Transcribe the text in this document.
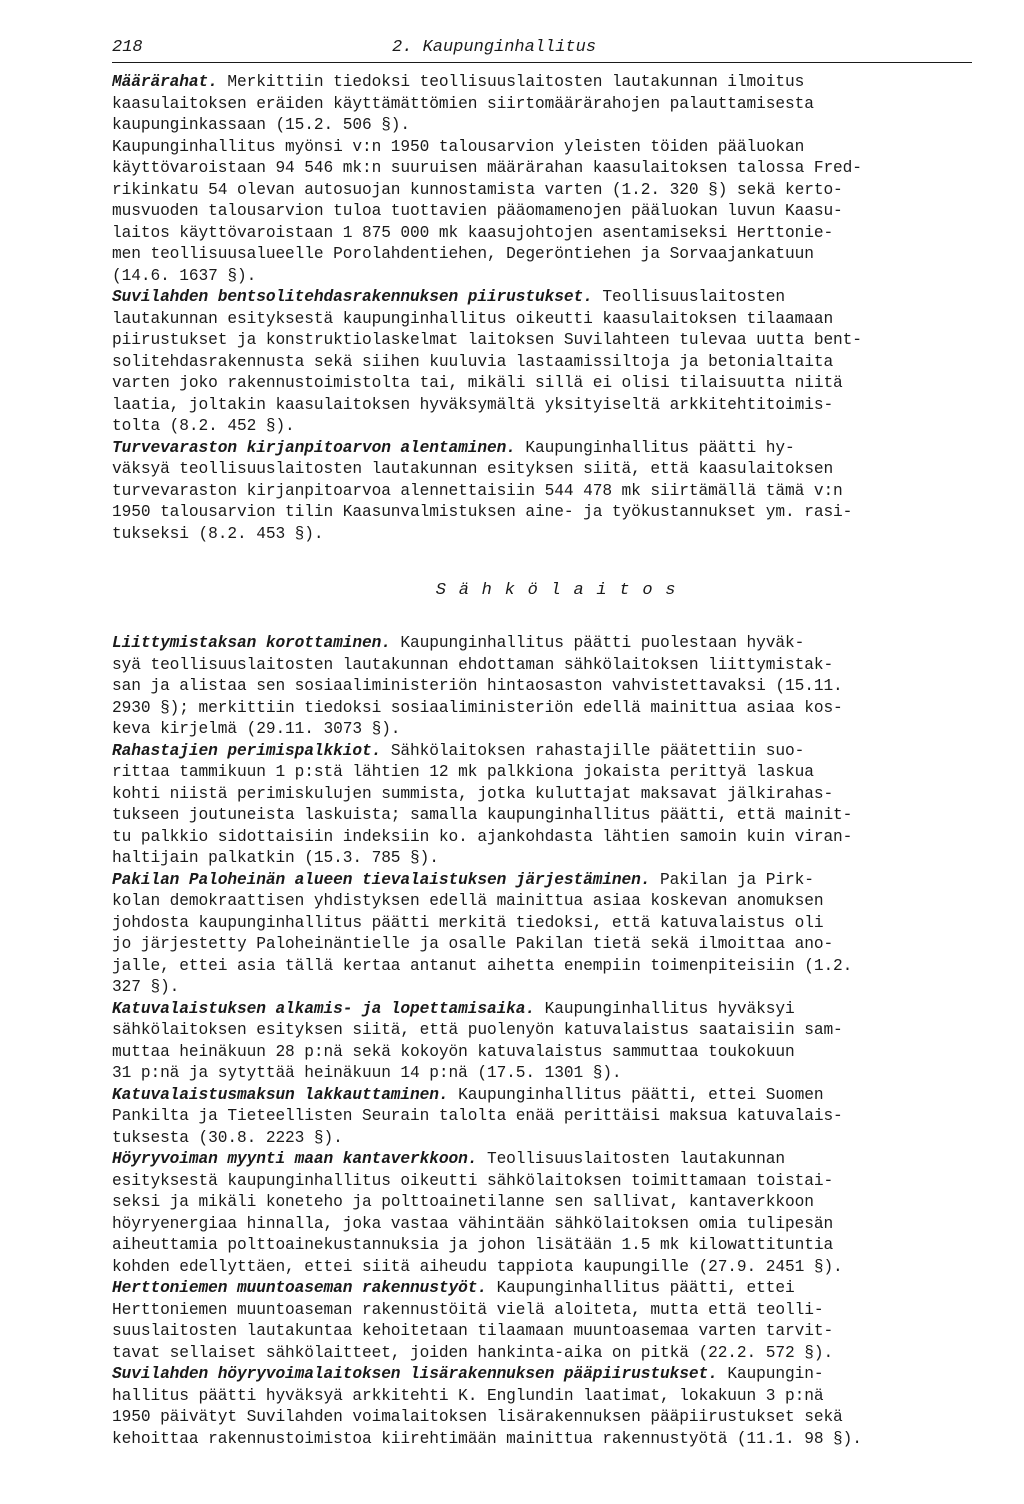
218	2. Kaupunginhallitus

Määrärahat. Merkittiin tiedoksi teollisuuslaitosten lautakunnan ilmoitus
kaasulaitoksen eräiden käyttämättömien siirtomäärärahojen palauttamisesta
kaupunginkassaan (15.2. 506 §).
Kaupunginhallitus myönsi v:n 1950 talousarvion yleisten töiden pääluokan
käyttövaroistaan 94 546 mk:n suuruisen määrärahan kaasulaitoksen talossa Fred-
rikinkatu 54 olevan autosuojan kunnostamista varten (1.2. 320 §) sekä kerto-
musvuoden talousarvion tuloa tuottavien pääomamenojen pääluokan luvun Kaasu-
laitos käyttövaroistaan 1 875 000 mk kaasujohtojen asentamiseksi Herttonie-
men teollisuusalueelle Porolahdentiehen, Degeröntiehen ja Sorvaajankatuun
(14.6. 1637 §).

Suvilahden bentsolitehdasrakennuksen piirustukset. Teollisuuslaitosten
lautakunnan esityksestä kaupunginhallitus oikeutti kaasulaitoksen tilaamaan
piirustukset ja konstruktiolaskelmat laitoksen Suvilahteen tulevaa uutta bent-
solitehdasrakennusta sekä siihen kuuluvia lastaamissiltoja ja betonialtaita
varten joko rakennustoimistolta tai, mikäli sillä ei olisi tilaisuutta niitä
laatia, joltakin kaasulaitoksen hyväksymältä yksityiseltä arkkitehtitoimis-
tolta (8.2. 452 §).

Turvevaraston kirjanpitoarvon alentaminen. Kaupunginhallitus päätti hy-
väksyä teollisuuslaitosten lautakunnan esityksen siitä, että kaasulaitoksen
turvevaraston kirjanpitoarvoa alennettaisiin 544 478 mk siirtämällä tämä v:n
1950 talousarvion tilin Kaasunvalmistuksen aine- ja työkustannukset ym. rasi-
tukseksi (8.2. 453 §).

Sähkölaitos

Liittymistaksan korottaminen. Kaupunginhallitus päätti puolestaan hyväk-
syä teollisuuslaitosten lautakunnan ehdottaman sähkölaitoksen liittymistak-
san ja alistaa sen sosiaaliministeriön hintaosaston vahvistettavaksi (15.11.
2930 §); merkittiin tiedoksi sosiaaliministeriön edellä mainittua asiaa kos-
keva kirjelmä (29.11. 3073 §).

Rahastajien perimispalkkiot. Sähkölaitoksen rahastajille päätettiin suo-
rittaa tammikuun 1 p:stä lähtien 12 mk palkkiona jokaista perittyä laskua
kohti niistä perimiskulujen summista, jotka kuluttajat maksavat jälkirahas-
tukseen joutuneista laskuista; samalla kaupunginhallitus päätti, että mainit-
tu palkkio sidottaisiin indeksiin ko. ajankohdasta lähtien samoin kuin viran-
haltijain palkatkin (15.3. 785 §).

Pakilan Paloheinän alueen tievalaistuksen järjestäminen. Pakilan ja Pirk-
kolan demokraattisen yhdistyksen edellä mainittua asiaa koskevan anomuksen
johdosta kaupunginhallitus päätti merkitä tiedoksi, että katuvalaistus oli
jo järjestetty Paloheinäntielle ja osalle Pakilan tietä sekä ilmoittaa ano-
jalle, ettei asia tällä kertaa antanut aihetta enempiin toimenpiteisiin (1.2.
327 §).

Katuvalaistuksen alkamis- ja lopettamisaika. Kaupunginhallitus hyväksyi
sähkölaitoksen esityksen siitä, että puolenyön katuvalaistus saataisiin sam-
muttaa heinäkuun 28 p:nä sekä kokoyön katuvalaistus sammuttaa toukokuun
31 p:nä ja sytyttää heinäkuun 14 p:nä (17.5. 1301 §).

Katuvalaistusmaksun lakkauttaminen. Kaupunginhallitus päätti, ettei Suomen
Pankilta ja Tieteellisten Seurain talolta enää perittäisi maksua katuvalais-
tuksesta (30.8. 2223 §).

Höyryvoiman myynti maan kantaverkkoon. Teollisuuslaitosten lautakunnan
esityksestä kaupunginhallitus oikeutti sähkölaitoksen toimittamaan toistai-
seksi ja mikäli koneteho ja polttoainetilanne sen sallivat, kantaverkkoon
höyryenergiaa hinnalla, joka vastaa vähintään sähkölaitoksen omia tulipesän
aiheuttamia polttoainekustannuksia ja johon lisätään 1.5 mk kilowattituntia
kohden edellyttäen, ettei siitä aiheudu tappiota kaupungille (27.9. 2451 §).

Herttoniemen muuntoaseman rakennustyöt. Kaupunginhallitus päätti, ettei
Herttoniemen muuntoaseman rakennustöitä vielä aloiteta, mutta että teolli-
suuslaitosten lautakuntaa kehoitetaan tilaamaan muuntoasemaa varten tarvit-
tavat sellaiset sähkölaitteet, joiden hankinta-aika on pitkä (22.2. 572 §).

Suvilahden höyryvoimalaitoksen lisärakennuksen pääpiirustukset. Kaupungin-
hallitus päätti hyväksyä arkkitehti K. Englundin laatimat, lokakuun 3 p:nä
1950 päivätyt Suvilahden voimalaitoksen lisärakennuksen pääpiirustukset sekä
kehoittaa rakennustoimistoa kiirehtimään mainittua rakennustyötä (11.1. 98 §).
